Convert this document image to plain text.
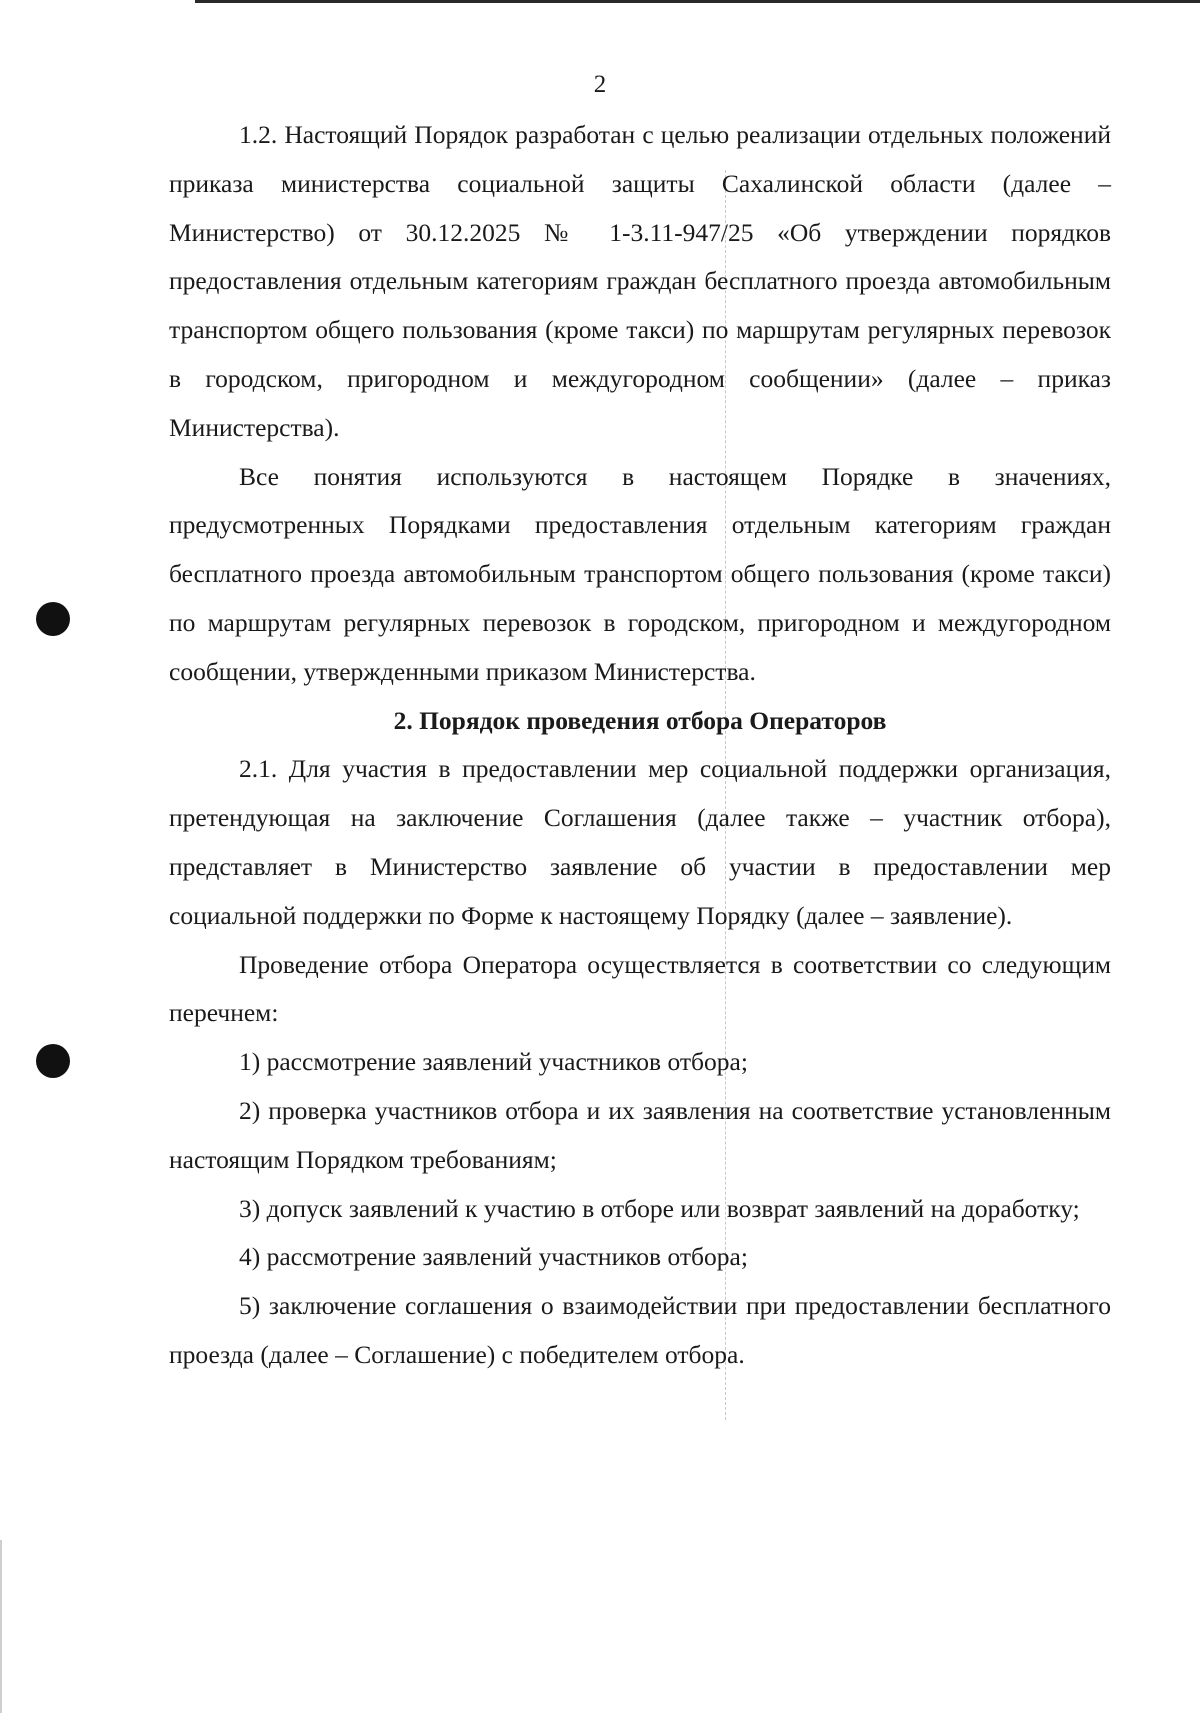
2

1.2. Настоящий Порядок разработан с целью реализации отдельных положений приказа министерства социальной защиты Сахалинской области (далее – Министерство) от 30.12.2025 № 1-3.11-947/25 «Об утверждении порядков предоставления отдельным категориям граждан бесплатного проезда автомобильным транспортом общего пользования (кроме такси) по маршрутам регулярных перевозок в городском, пригородном и междугородном сообщении» (далее – приказ Министерства).

Все понятия используются в настоящем Порядке в значениях, предусмотренных Порядками предоставления отдельным категориям граждан бесплатного проезда автомобильным транспортом общего пользования (кроме такси) по маршрутам регулярных перевозок в городском, пригородном и междугородном сообщении, утвержденными приказом Министерства.

2. Порядок проведения отбора Операторов

2.1. Для участия в предоставлении мер социальной поддержки организация, претендующая на заключение Соглашения (далее также – участник отбора), представляет в Министерство заявление об участии в предоставлении мер социальной поддержки по Форме к настоящему Порядку (далее – заявление).

Проведение отбора Оператора осуществляется в соответствии со следующим перечнем:

1) рассмотрение заявлений участников отбора;

2) проверка участников отбора и их заявления на соответствие установленным настоящим Порядком требованиям;

3) допуск заявлений к участию в отборе или возврат заявлений на доработку;

4) рассмотрение заявлений участников отбора;

5) заключение соглашения о взаимодействии при предоставлении бесплатного проезда (далее – Соглашение) с победителем отбора.
